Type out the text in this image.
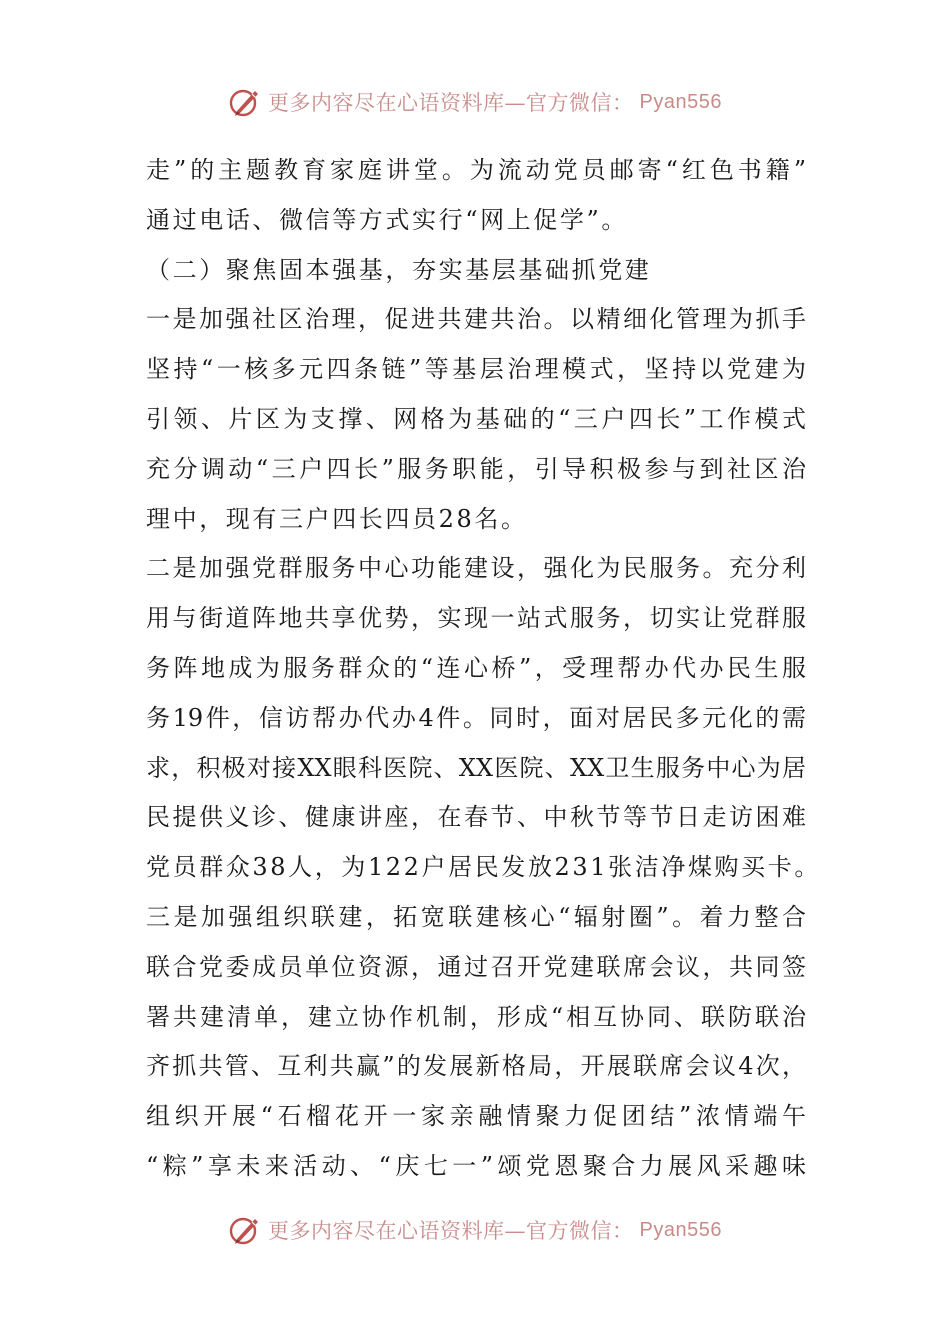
更多内容尽在心语资料库—官方微信： Pyan556
走”的主题教育家庭讲堂。为流动党员邮寄“红色书籍”
通过电话、微信等方式实行“网上促学”。
（二）聚焦固本强基，夯实基层基础抓党建
一是加强社区治理，促进共建共治。以精细化管理为抓手
坚持“一核多元四条链”等基层治理模式，坚持以党建为
引领、片区为支撑、网格为基础的“三户四长”工作模式
充分调动“三户四长”服务职能，引导积极参与到社区治
理中，现有三户四长四员28名。
二是加强党群服务中心功能建设，强化为民服务。充分利
用与街道阵地共享优势，实现一站式服务，切实让党群服
务阵地成为服务群众的“连心桥”，受理帮办代办民生服
务19件，信访帮办代办4件。同时，面对居民多元化的需
求，积极对接XX眼科医院、XX医院、XX卫生服务中心为居
民提供义诊、健康讲座，在春节、中秋节等节日走访困难
党员群众38人，为122户居民发放231张洁净煤购买卡。
三是加强组织联建，拓宽联建核心“辐射圈”。着力整合
联合党委成员单位资源，通过召开党建联席会议，共同签
署共建清单，建立协作机制，形成“相互协同、联防联治
齐抓共管、互利共赢”的发展新格局，开展联席会议4次，
组织开展“石榴花开一家亲融情聚力促团结”浓情端午
“粽”享未来活动、“庆七一”颂党恩聚合力展风采趣味
更多内容尽在心语资料库—官方微信： Pyan556
